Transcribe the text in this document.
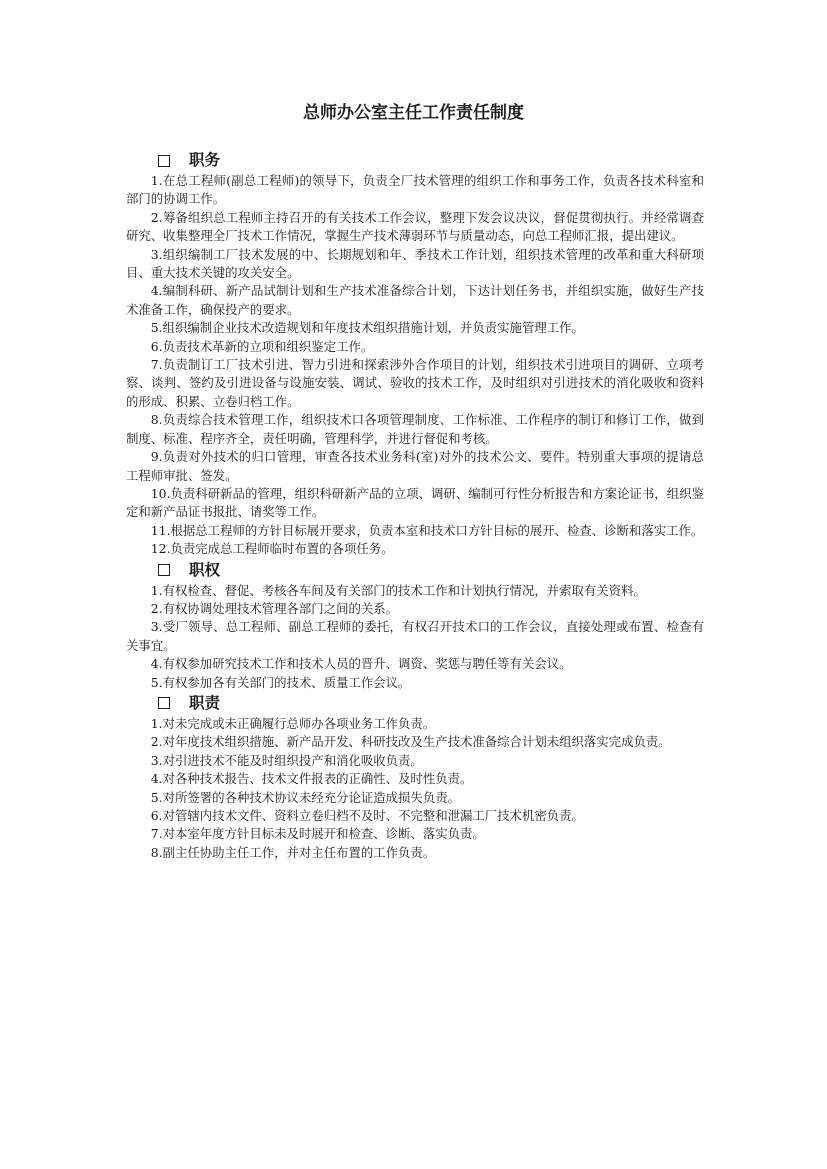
总师办公室主任工作责任制度
职务

1.在总工程师(副总工程师)的领导下，负责全厂技术管理的组织工作和事务工作，负责各技术科室和部门的协调工作。

2.筹备组织总工程师主持召开的有关技术工作会议，整理下发会议决议，督促贯彻执行。并经常调查研究、收集整理全厂技术工作情况，掌握生产技术薄弱环节与质量动态，向总工程师汇报，提出建议。

3.组织编制工厂技术发展的中、长期规划和年、季技术工作计划，组织技术管理的改革和重大科研项目、重大技术关键的攻关安全。

4.编制科研、新产品试制计划和生产技术准备综合计划，下达计划任务书，并组织实施，做好生产技术准备工作，确保投产的要求。

5.组织编制企业技术改造规划和年度技术组织措施计划，并负责实施管理工作。

6.负责技术革新的立项和组织鉴定工作。

7.负责制订工厂技术引进、智力引进和探索涉外合作项目的计划，组织技术引进项目的调研、立项考察、谈判、签约及引进设备与设施安装、调试、验收的技术工作，及时组织对引进技术的消化吸收和资料的形成、积累、立卷归档工作。

8.负责综合技术管理工作，组织技术口各项管理制度、工作标准、工作程序的制订和修订工作，做到制度、标准、程序齐全，责任明确，管理科学，并进行督促和考核。

9.负责对外技术的归口管理，审查各技术业务科(室)对外的技术公文、要件。特别重大事项的提请总工程师审批、签发。

10.负责科研新品的管理，组织科研新产品的立项、调研、编制可行性分析报告和方案论证书，组织鉴定和新产品证书报批、请奖等工作。

11.根据总工程师的方针目标展开要求，负责本室和技术口方针目标的展开、检查、诊断和落实工作。

12.负责完成总工程师临时布置的各项任务。

职权

1.有权检查、督促、考核各车间及有关部门的技术工作和计划执行情况，并索取有关资料。

2.有权协调处理技术管理各部门之间的关系。

3.受厂领导、总工程师、副总工程师的委托，有权召开技术口的工作会议，直接处理或布置、检查有关事宜。

4.有权参加研究技术工作和技术人员的晋升、调资、奖惩与聘任等有关会议。

5.有权参加各有关部门的技术、质量工作会议。

职责

1.对未完成或未正确履行总师办各项业务工作负责。

2.对年度技术组织措施、新产品开发、科研技改及生产技术准备综合计划未组织落实完成负责。

3.对引进技术不能及时组织投产和消化吸收负责。

4.对各种技术报告、技术文件报表的正确性、及时性负责。

5.对所签署的各种技术协议未经充分论证造成损失负责。

6.对管辖内技术文件、资料立卷归档不及时、不完整和泄漏工厂技术机密负责。

7.对本室年度方针目标未及时展开和检查、诊断、落实负责。

8.副主任协助主任工作，并对主任布置的工作负责。
